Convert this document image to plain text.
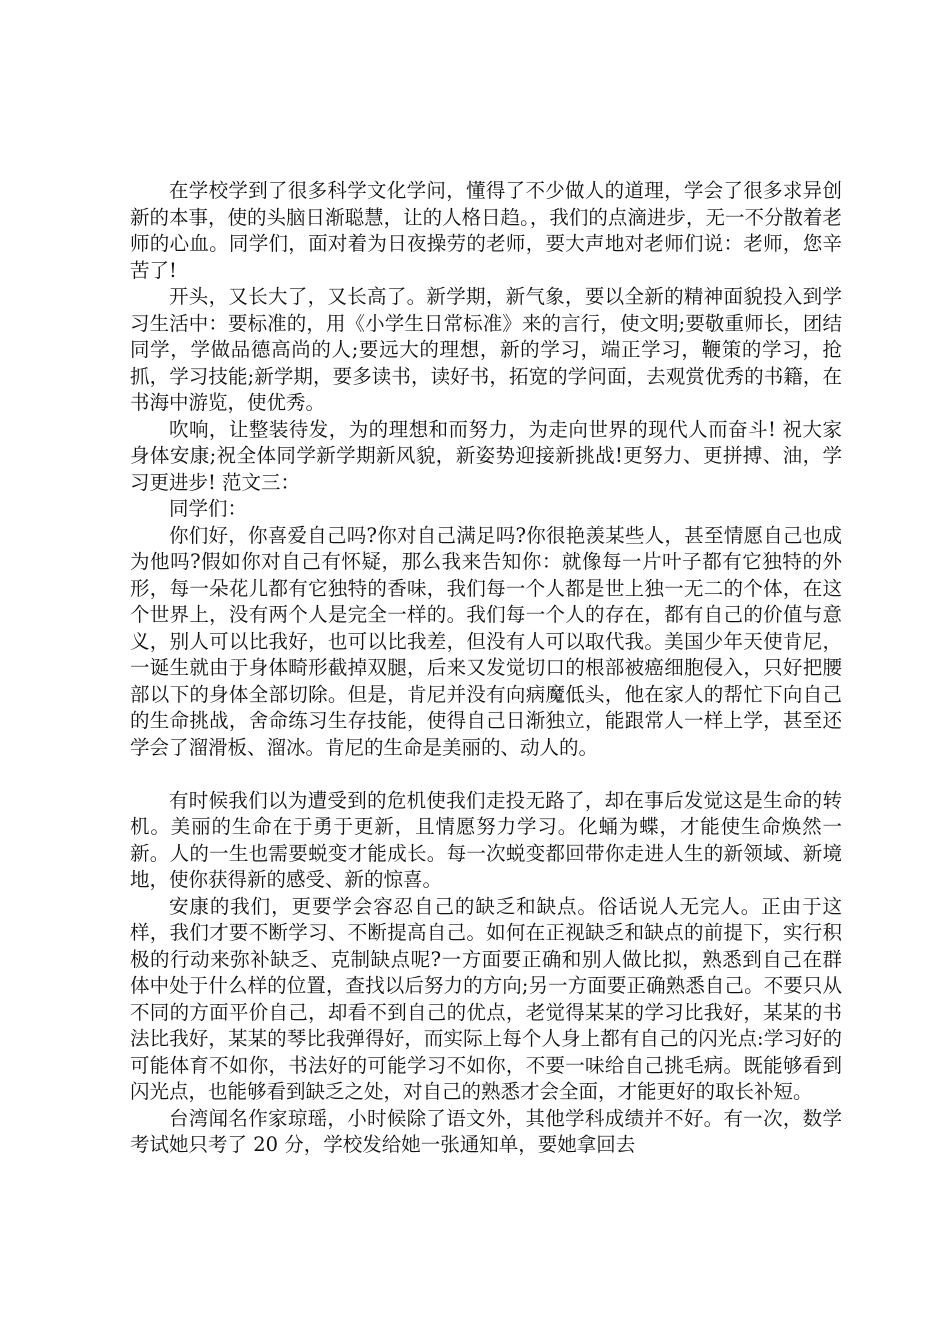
在学校学到了很多科学文化学问，懂得了不少做人的道理，学会了很多求异创新的本事，使的头脑日渐聪慧，让的人格日趋。，我们的点滴进步，无一不分散着老师的心血。同学们，面对着为日夜操劳的老师，要大声地对老师们说：老师，您辛苦了!

开头，又长大了，又长高了。新学期，新气象，要以全新的精神面貌投入到学习生活中：要标准的，用《小学生日常标准》来的言行，使文明;要敬重师长，团结同学，学做品德高尚的人;要远大的理想，新的学习，端正学习，鞭策的学习，抢抓，学习技能;新学期，要多读书，读好书，拓宽的学问面，去观赏优秀的书籍，在书海中游览，使优秀。

吹响，让整装待发，为的理想和而努力，为走向世界的现代人而奋斗! 祝大家身体安康;祝全体同学新学期新风貌，新姿势迎接新挑战!更努力、更拼搏、油，学习更进步! 范文三：

同学们：

你们好，你喜爱自己吗?你对自己满足吗?你很艳羡某些人，甚至情愿自己也成为他吗?假如你对自己有怀疑，那么我来告知你：就像每一片叶子都有它独特的外形，每一朵花儿都有它独特的香味，我们每一个人都是世上独一无二的个体，在这个世界上，没有两个人是完全一样的。我们每一个人的存在，都有自己的价值与意义，别人可以比我好，也可以比我差，但没有人可以取代我。美国少年天使肯尼，一诞生就由于身体畸形截掉双腿，后来又发觉切口的根部被癌细胞侵入，只好把腰部以下的身体全部切除。但是，肯尼并没有向病魔低头，他在家人的帮忙下向自己的生命挑战，舍命练习生存技能，使得自己日渐独立，能跟常人一样上学，甚至还学会了溜滑板、溜冰。肯尼的生命是美丽的、动人的。

有时候我们以为遭受到的危机使我们走投无路了，却在事后发觉这是生命的转机。美丽的生命在于勇于更新，且情愿努力学习。化蛹为蝶，才能使生命焕然一新。人的一生也需要蜕变才能成长。每一次蜕变都回带你走进人生的新领域、新境地，使你获得新的感受、新的惊喜。

安康的我们，更要学会容忍自己的缺乏和缺点。俗话说人无完人。正由于这样，我们才要不断学习、不断提高自己。如何在正视缺乏和缺点的前提下，实行积极的行动来弥补缺乏、克制缺点呢?一方面要正确和别人做比拟，熟悉到自己在群体中处于什么样的位置，查找以后努力的方向;另一方面要正确熟悉自己。不要只从不同的方面平价自己，却看不到自己的优点，老觉得某某的学习比我好，某某的书法比我好，某某的琴比我弹得好，而实际上每个人身上都有自己的闪光点:学习好的可能体育不如你，书法好的可能学习不如你，不要一味给自己挑毛病。既能够看到闪光点，也能够看到缺乏之处，对自己的熟悉才会全面，才能更好的取长补短。

台湾闻名作家琼瑶，小时候除了语文外，其他学科成绩并不好。有一次，数学考试她只考了 20 分，学校发给她一张通知单，要她拿回去
